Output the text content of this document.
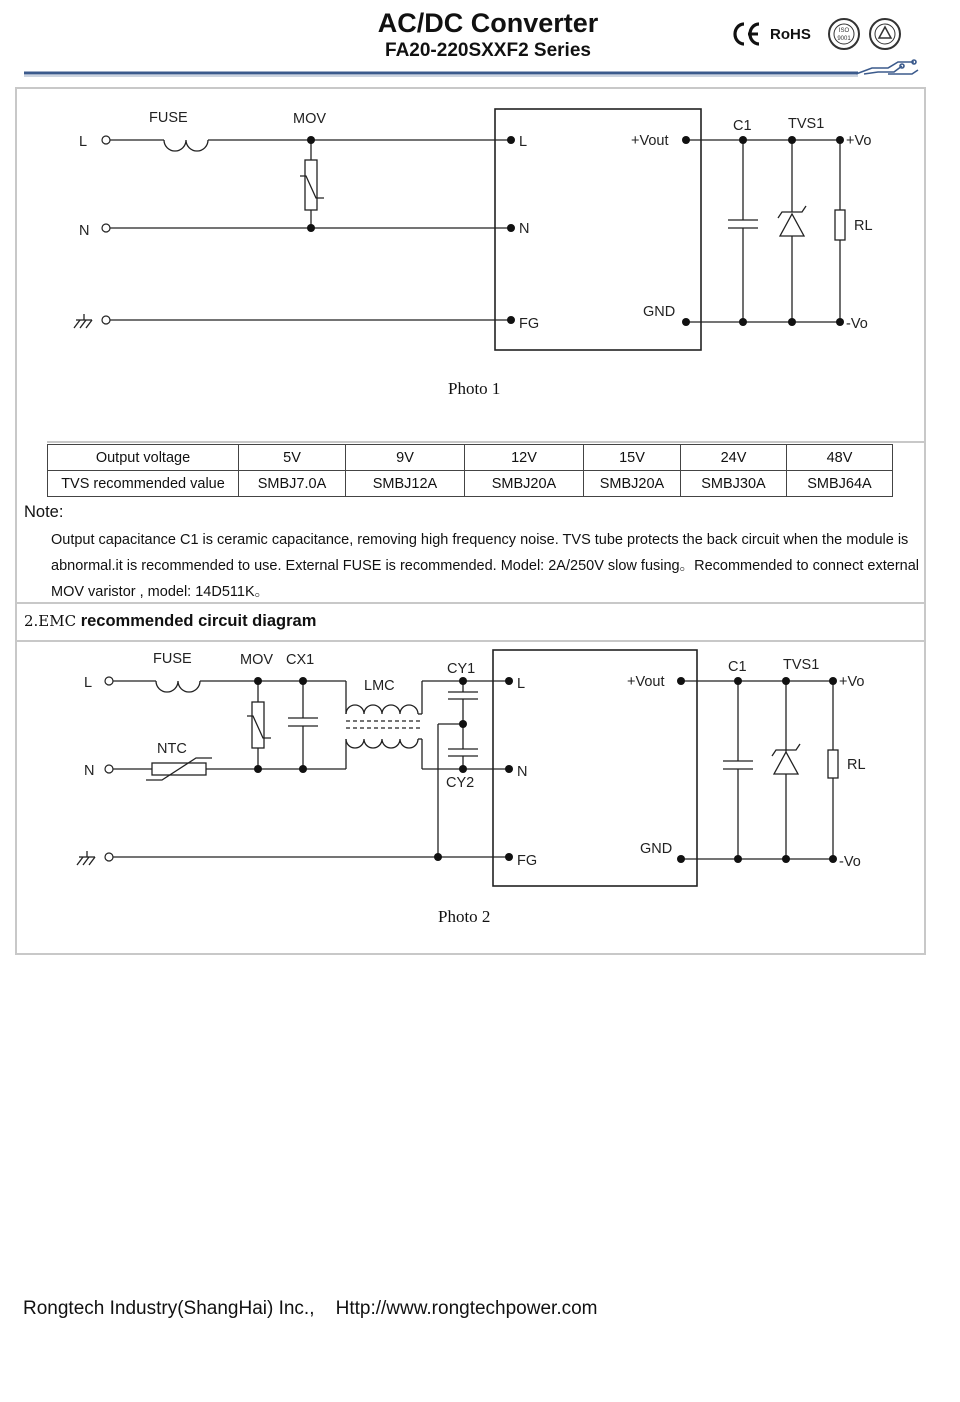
AC/DC Converter
FA20-220SXXF2 Series
RoHS	ISO
9001
L
N
FUSE	MOV
L
N
FG
+Vout
GND
C1	TVS1
+Vo
-Vo
RL
Photo 1
Output voltage	5V	9V	12V	15V	24V	48V
TVS recommended value	SMBJ7.0A	SMBJ12A	SMBJ20A	SMBJ20A	SMBJ30A	SMBJ64A
Note:
Output capacitance C1 is ceramic capacitance, removing high frequency noise. TVS tube protects the back circuit when the module is abnormal.it is recommended to use. External FUSE is recommended. Model: 2A/250V slow fusing。Recommended to connect external MOV varistor , model: 14D511K。
2.EMC recommended circuit diagram
L
N
FUSE	MOV CX1
NTC
LMC
CY1
CY2
L
N
FG
+Vout
GND
C1	TVS1
+Vo
-Vo
RL
Photo 2
Rongtech Industry(ShangHai) Inc.,    Http://www.rongtechpower.com
